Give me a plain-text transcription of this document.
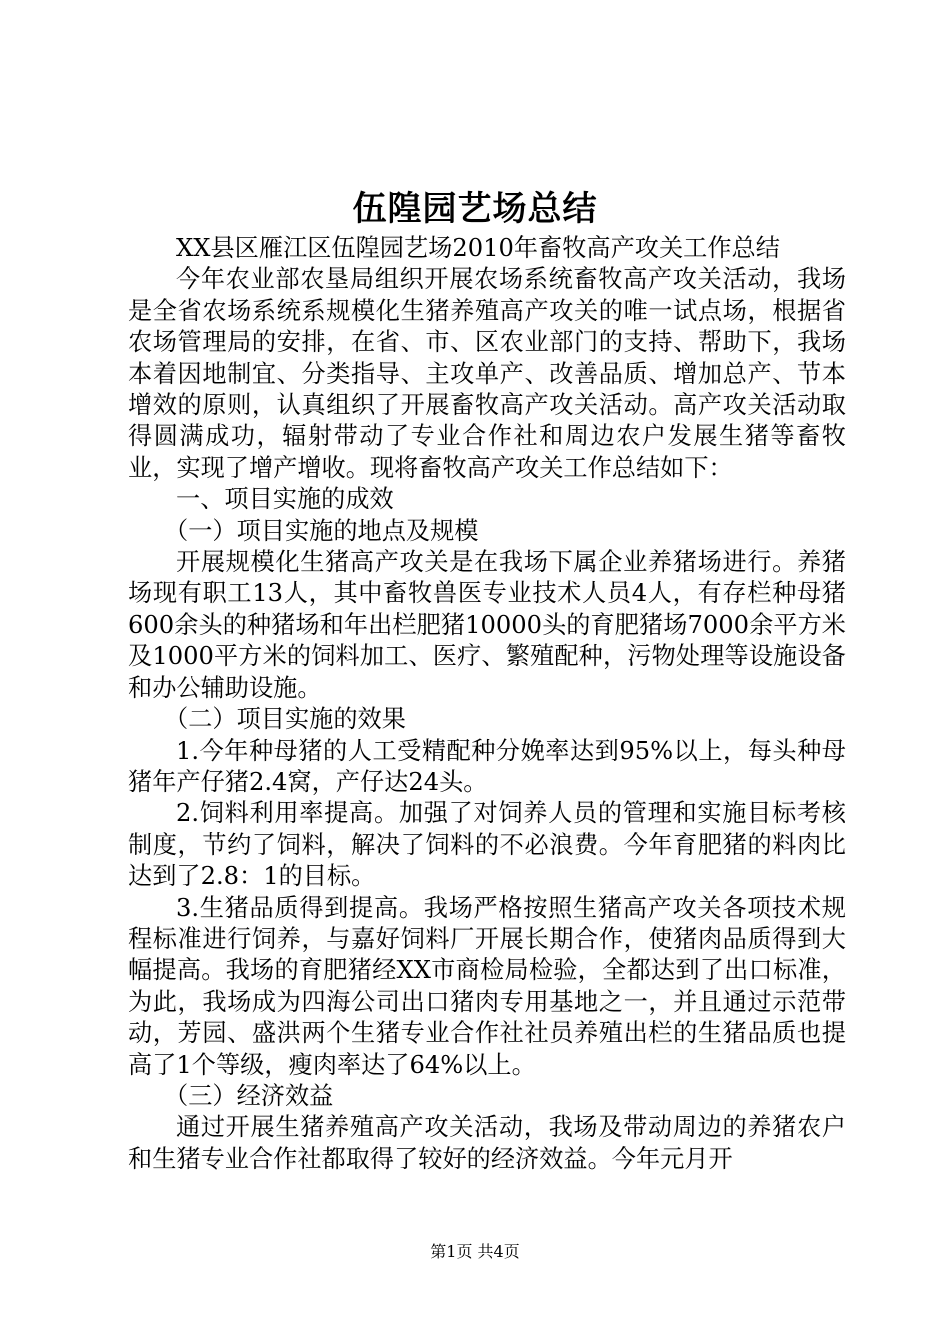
伍隍园艺场总结

XX县区雁江区伍隍园艺场2010年畜牧高产攻关工作总结

今年农业部农垦局组织开展农场系统畜牧高产攻关活动，我场是全省农场系统系规模化生猪养殖高产攻关的唯一试点场，根据省农场管理局的安排，在省、市、区农业部门的支持、帮助下，我场本着因地制宜、分类指导、主攻单产、改善品质、增加总产、节本增效的原则，认真组织了开展畜牧高产攻关活动。高产攻关活动取得圆满成功，辐射带动了专业合作社和周边农户发展生猪等畜牧业，实现了增产增收。现将畜牧高产攻关工作总结如下：

一、项目实施的成效

（一）项目实施的地点及规模

开展规模化生猪高产攻关是在我场下属企业养猪场进行。养猪场现有职工13人，其中畜牧兽医专业技术人员4人，有存栏种母猪600余头的种猪场和年出栏肥猪10000头的育肥猪场7000余平方米及1000平方米的饲料加工、医疗、繁殖配种，污物处理等设施设备和办公辅助设施。

（二）项目实施的效果

1.今年种母猪的人工受精配种分娩率达到95%以上，每头种母猪年产仔猪2.4窝，产仔达24头。

2.饲料利用率提高。加强了对饲养人员的管理和实施目标考核制度，节约了饲料，解决了饲料的不必浪费。今年育肥猪的料肉比达到了2.8：1的目标。

3.生猪品质得到提高。我场严格按照生猪高产攻关各项技术规程标准进行饲养，与嘉好饲料厂开展长期合作，使猪肉品质得到大幅提高。我场的育肥猪经XX市商检局检验，全都达到了出口标准，为此，我场成为四海公司出口猪肉专用基地之一，并且通过示范带动，芳园、盛洪两个生猪专业合作社社员养殖出栏的生猪品质也提高了1个等级，瘦肉率达了64%以上。

（三）经济效益

通过开展生猪养殖高产攻关活动，我场及带动周边的养猪农户和生猪专业合作社都取得了较好的经济效益。今年元月开

第1页 共4页
